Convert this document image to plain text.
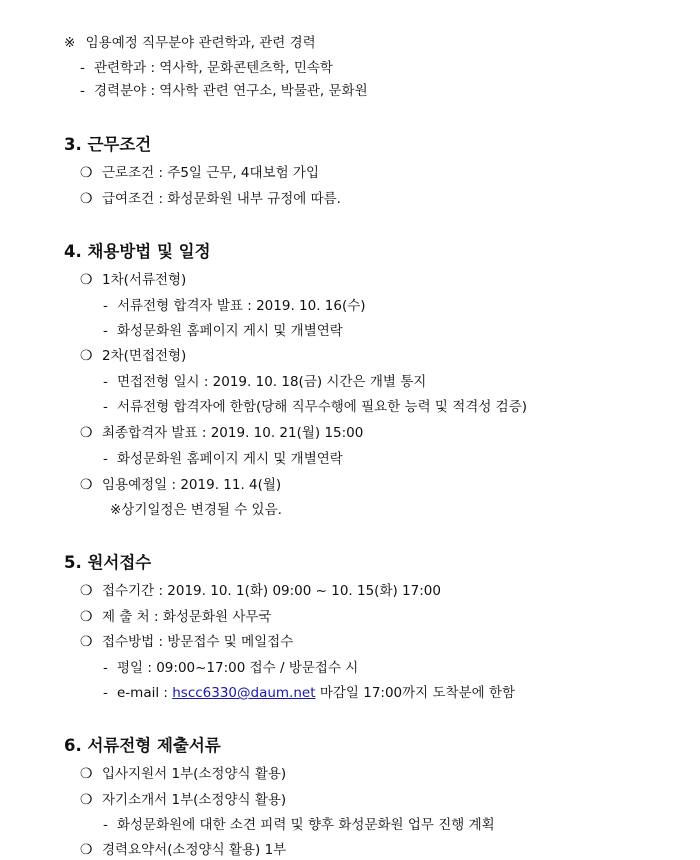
※ 임용예정 직무분야 관련학과, 관련 경력
- 관련학과 : 역사학, 문화콘텐츠학, 민속학
- 경력분야 : 역사학 관련 연구소, 박물관, 문화원
3. 근무조건
❍ 근로조건 : 주5일 근무, 4대보험 가입
❍ 급여조건 : 화성문화원 내부 규정에 따름.
4. 채용방법 및 일정
❍ 1차(서류전형)
- 서류전형 합격자 발표 : 2019. 10. 16(수)
- 화성문화원 홈페이지 게시 및 개별연락
❍ 2차(면접전형)
- 면접전형 일시 : 2019. 10. 18(금) 시간은 개별 통지
- 서류전형 합격자에 한함(당해 직무수행에 필요한 능력 및 적격성 검증)
❍ 최종합격자 발표 : 2019. 10. 21(월) 15:00
- 화성문화원 홈페이지 게시 및 개별연락
❍ 임용예정일 : 2019. 11. 4(월)
※상기일정은 변경될 수 있음.
5. 원서접수
❍ 접수기간 : 2019. 10. 1(화) 09:00 ~ 10. 15(화) 17:00
❍ 제 출 처 : 화성문화원 사무국
❍ 접수방법 : 방문접수 및 메일접수
- 평일 : 09:00~17:00 접수 / 방문접수 시
- e-mail : hscc6330@daum.net 마감일 17:00까지 도착분에 한함
6. 서류전형 제출서류
❍ 입사지원서 1부(소정양식 활용)
❍ 자기소개서 1부(소정양식 활용)
- 화성문화원에 대한 소견 피력 및 향후 화성문화원 업무 진행 계획
❍ 경력요약서(소정양식 활용) 1부
